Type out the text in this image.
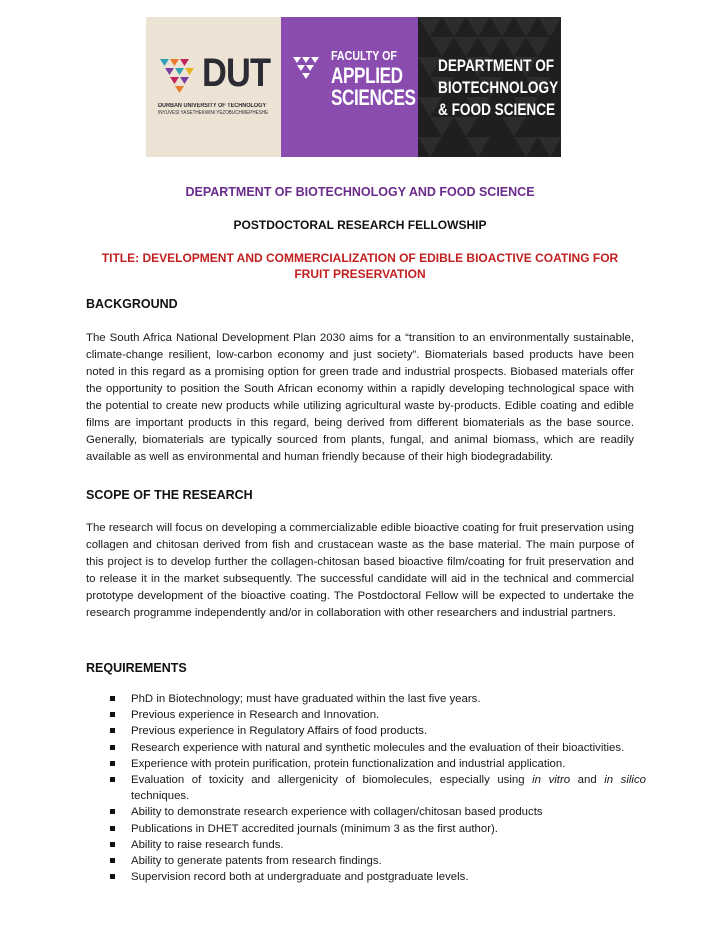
DUT
DURBAN UNIVERSITY OF TECHNOLOGY
INYUVESI YASETHEKWINI YEZOBUCHWEPHESHE
FACULTY OF
APPLIED
SCIENCES
DEPARTMENT OF
BIOTECHNOLOGY
& FOOD SCIENCE
DEPARTMENT OF BIOTECHNOLOGY AND FOOD SCIENCE
POSTDOCTORAL RESEARCH FELLOWSHIP
TITLE: DEVELOPMENT AND COMMERCIALIZATION OF EDIBLE BIOACTIVE COATING FOR
FRUIT PRESERVATION
BACKGROUND
The South Africa National Development Plan 2030 aims for a “transition to an environmentally sustainable, climate-change resilient, low-carbon economy and just society”. Biomaterials based products have been noted in this regard as a promising option for green trade and industrial prospects. Biobased materials offer the opportunity to position the South African economy within a rapidly developing technological space with the potential to create new products while utilizing agricultural waste by-products. Edible coating and edible films are important products in this regard, being derived from different biomaterials as the base source. Generally, biomaterials are typically sourced from plants, fungal, and animal biomass, which are readily available as well as environmental and human friendly because of their high biodegradability.
SCOPE OF THE RESEARCH
The research will focus on developing a commercializable edible bioactive coating for fruit preservation using collagen and chitosan derived from fish and crustacean waste as the base material. The main purpose of this project is to develop further the collagen-chitosan based bioactive film/coating for fruit preservation and to release it in the market subsequently. The successful candidate will aid in the technical and commercial prototype development of the bioactive coating. The Postdoctoral Fellow will be expected to undertake the research programme independently and/or in collaboration with other researchers and industrial partners.
REQUIREMENTS
PhD in Biotechnology; must have graduated within the last five years.
Previous experience in Research and Innovation.
Previous experience in Regulatory Affairs of food products.
Research experience with natural and synthetic molecules and the evaluation of their bioactivities.
Experience with protein purification, protein functionalization and industrial application.
Evaluation of toxicity and allergenicity of biomolecules, especially using in vitro and in silico techniques.
Ability to demonstrate research experience with collagen/chitosan based products
Publications in DHET accredited journals (minimum 3 as the first author).
Ability to raise research funds.
Ability to generate patents from research findings.
Supervision record both at undergraduate and postgraduate levels.
